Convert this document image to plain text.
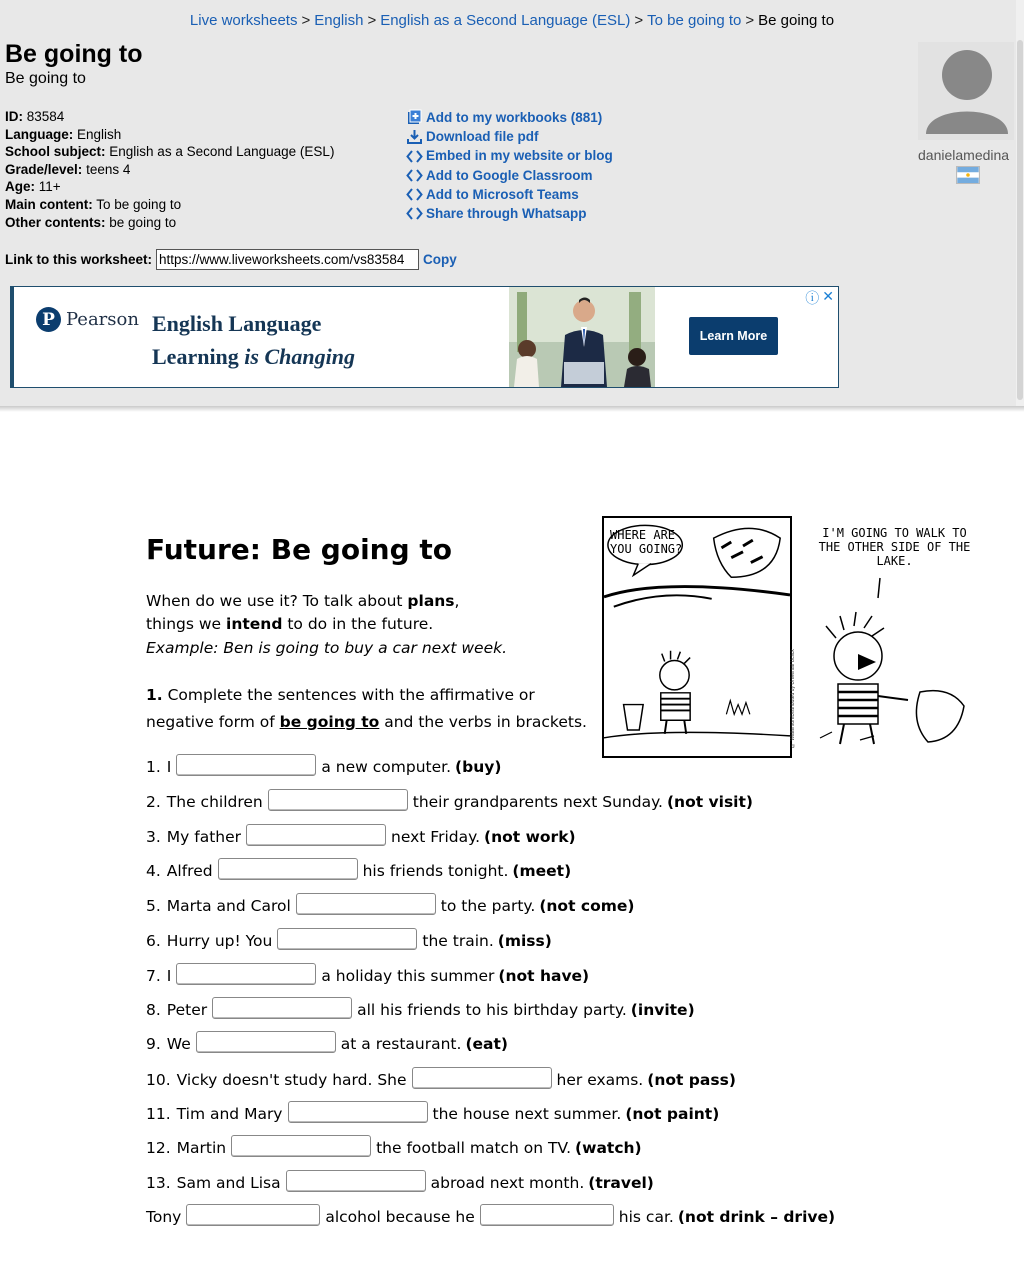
Live worksheets > English > English as a Second Language (ESL) > To be going to > Be going to
Be going to
Be going to
ID: 83584
Language: English
School subject: English as a Second Language (ESL)
Grade/level: teens 4
Age: 11+
Main content: To be going to
Other contents: be going to
Add to my workbooks (881)
Download file pdf
Embed in my website or blog
Add to Google Classroom
Add to Microsoft Teams
Share through Whatsapp
Link to this worksheet:
https://www.liveworksheets.com/vs83584	Copy
danielamedina
P Pearson English Language
Learning is Changing
Learn More
ⓘ ✕
Future: Be going to
When do we use it? To talk about plans,
things we intend to do in the future.
Example: Ben is going to buy a car next week.
1. Complete the sentences with the affirmative or
negative form of be going to and the verbs in brackets.
WHERE ARE YOU GOING?
© Watterson/Distributed by Universal Uclick
I'M GOING TO WALK TO THE OTHER SIDE OF THE LAKE.
1. I	a new computer. (buy)
2. The children	their grandparents next Sunday. (not visit)
3. My father	next Friday. (not work)
4. Alfred	his friends tonight. (meet)
5. Marta and Carol	to the party. (not come)
6. Hurry up! You	the train. (miss)
7. I	a holiday this summer (not have)
8. Peter	all his friends to his birthday party. (invite)
9. We	at a restaurant. (eat)
10. Vicky doesn't study hard. She	her exams. (not pass)
11. Tim and Mary	the house next summer. (not paint)
12. Martin	the football match on TV. (watch)
13. Sam and Lisa	abroad next month. (travel)
Tony	alcohol because he	his car. (not drink – drive)
